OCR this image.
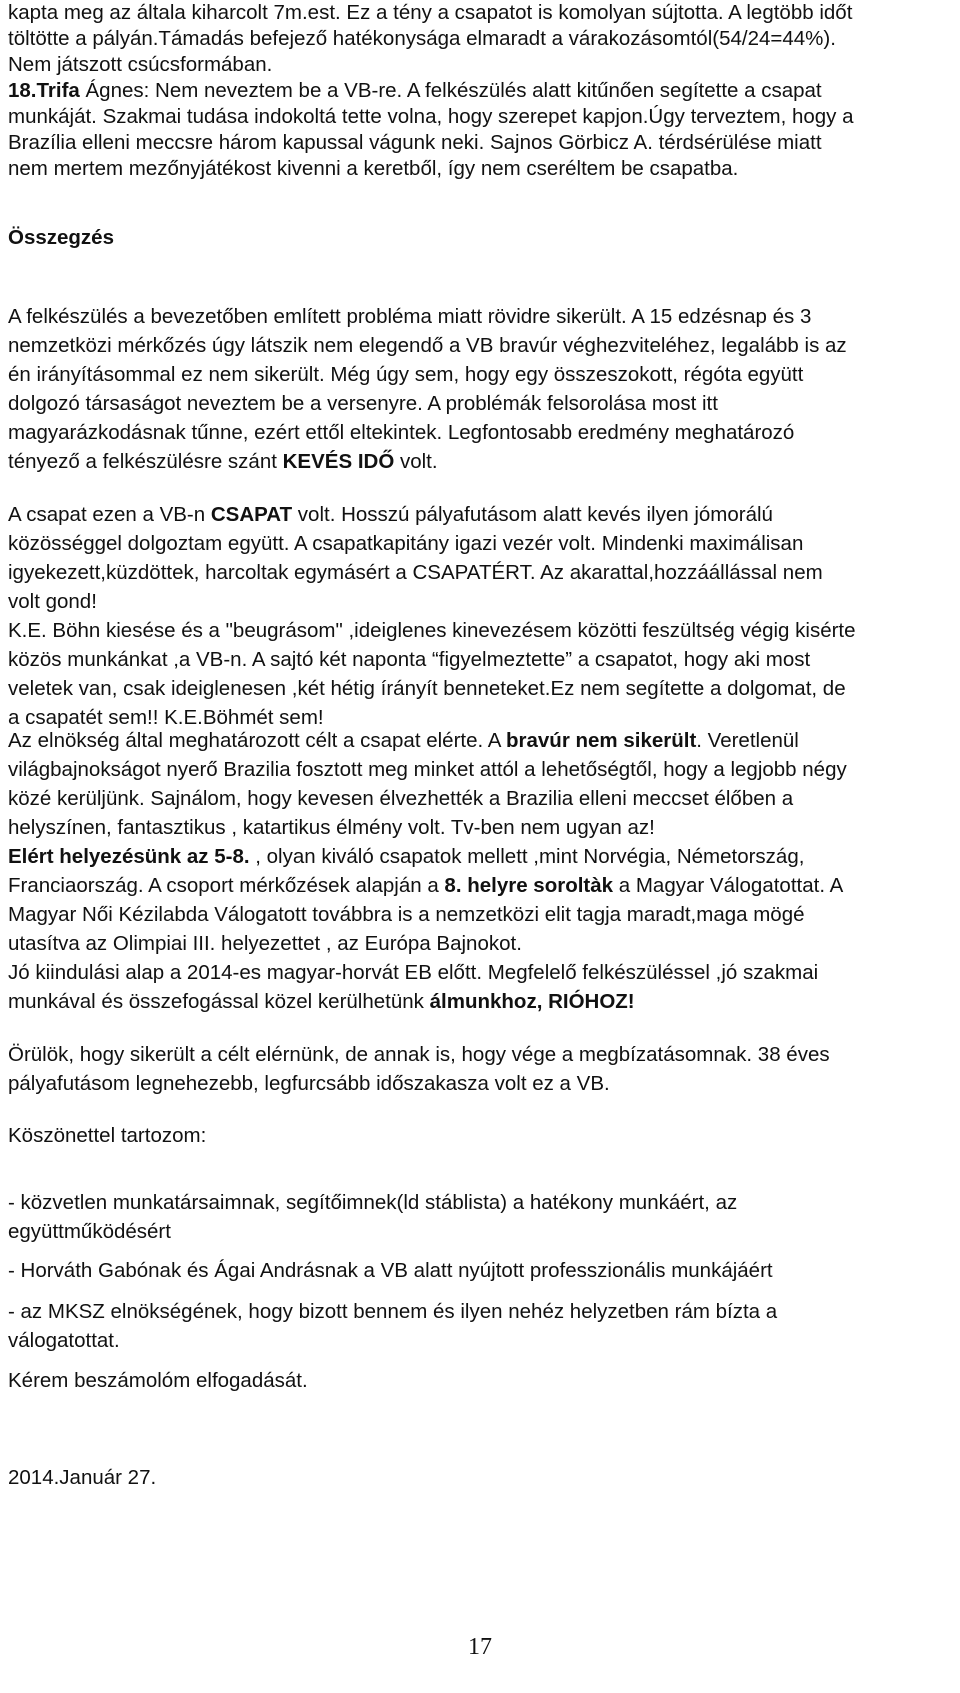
kapta meg az általa kiharcolt 7m.est. Ez a tény a csapatot is komolyan sújtotta. A legtöbb időt

töltötte a pályán.Támadás befejező hatékonysága elmaradt a várakozásomtól(54/24=44%).

Nem játszott csúcsformában.

18.Trifa Ágnes: Nem neveztem be a VB-re. A felkészülés alatt kitűnően segítette a csapat

munkáját. Szakmai tudása indokoltá tette volna, hogy szerepet kapjon.Úgy terveztem, hogy a

Brazília elleni meccsre három kapussal vágunk neki. Sajnos Görbicz A. térdsérülése miatt

nem mertem mezőnyjátékost kivenni a keretből, így nem cseréltem be csapatba.

Összegzés

A felkészülés a bevezetőben említett probléma miatt rövidre sikerült. A 15 edzésnap és 3

nemzetközi mérkőzés úgy látszik nem elegendő a VB bravúr véghezviteléhez, legalább is az

én irányításommal ez nem sikerült. Még úgy sem, hogy egy összeszokott, régóta együtt

dolgozó társaságot neveztem be a versenyre. A problémák felsorolása most itt

magyarázkodásnak tűnne, ezért ettől eltekintek. Legfontosabb eredmény meghatározó

tényező a felkészülésre szánt KEVÉS IDŐ volt.

A csapat ezen a VB-n CSAPAT volt. Hosszú pályafutásom alatt kevés ilyen jómorálú

közösséggel dolgoztam együtt. A csapatkapitány igazi vezér volt. Mindenki maximálisan

igyekezett,küzdöttek, harcoltak egymásért a CSAPATÉRT. Az akarattal,hozzáállással nem

volt gond!

K.E. Böhn kiesése és a "beugrásom" ,ideiglenes kinevezésem közötti feszültség végig kisérte

közös munkánkat ,a VB-n. A sajtó két naponta “figyelmeztette” a csapatot, hogy aki most

veletek van, csak ideiglenesen ,két hétig írányít benneteket.Ez nem segítette a dolgomat, de

a csapatét sem!! K.E.Böhmét sem!

Az elnökség által meghatározott célt a csapat elérte. A bravúr nem sikerült. Veretlenül

világbajnokságot nyerő Brazilia fosztott meg minket attól a lehetőségtől, hogy a legjobb négy

közé kerüljünk. Sajnálom, hogy kevesen élvezhették a Brazilia elleni meccset élőben a

helyszínen, fantasztikus , katartikus élmény volt. Tv-ben nem ugyan az!

Elért helyezésünk az 5-8. , olyan kiváló csapatok mellett ,mint Norvégia, Németország,

Franciaország. A csoport mérkőzések alapján a 8. helyre soroltàk a Magyar Válogatottat. A

Magyar Női Kézilabda Válogatott továbbra is a nemzetközi elit tagja maradt,maga mögé

utasítva az Olimpiai III. helyezettet , az Európa Bajnokot.

Jó kiindulási alap a 2014-es magyar-horvát EB előtt. Megfelelő felkészüléssel ,jó szakmai

munkával és összefogással közel kerülhetünk álmunkhoz, RIÓHOZ!

Örülök, hogy sikerült a célt elérnünk, de annak is, hogy vége a megbízatásomnak. 38 éves

pályafutásom legnehezebb, legfurcsább időszakasza volt ez a VB.

Köszönettel tartozom:

- közvetlen munkatársaimnak, segítőimnek(ld stáblista) a hatékony munkáért, az

együttműködésért

- Horváth Gabónak és Ágai Andrásnak a VB alatt nyújtott professzionális munkájáért

- az MKSZ elnökségének, hogy bizott bennem és ilyen nehéz helyzetben rám bízta a

válogatottat.

Kérem beszámolóm elfogadását.
2014.Január 27.
17
